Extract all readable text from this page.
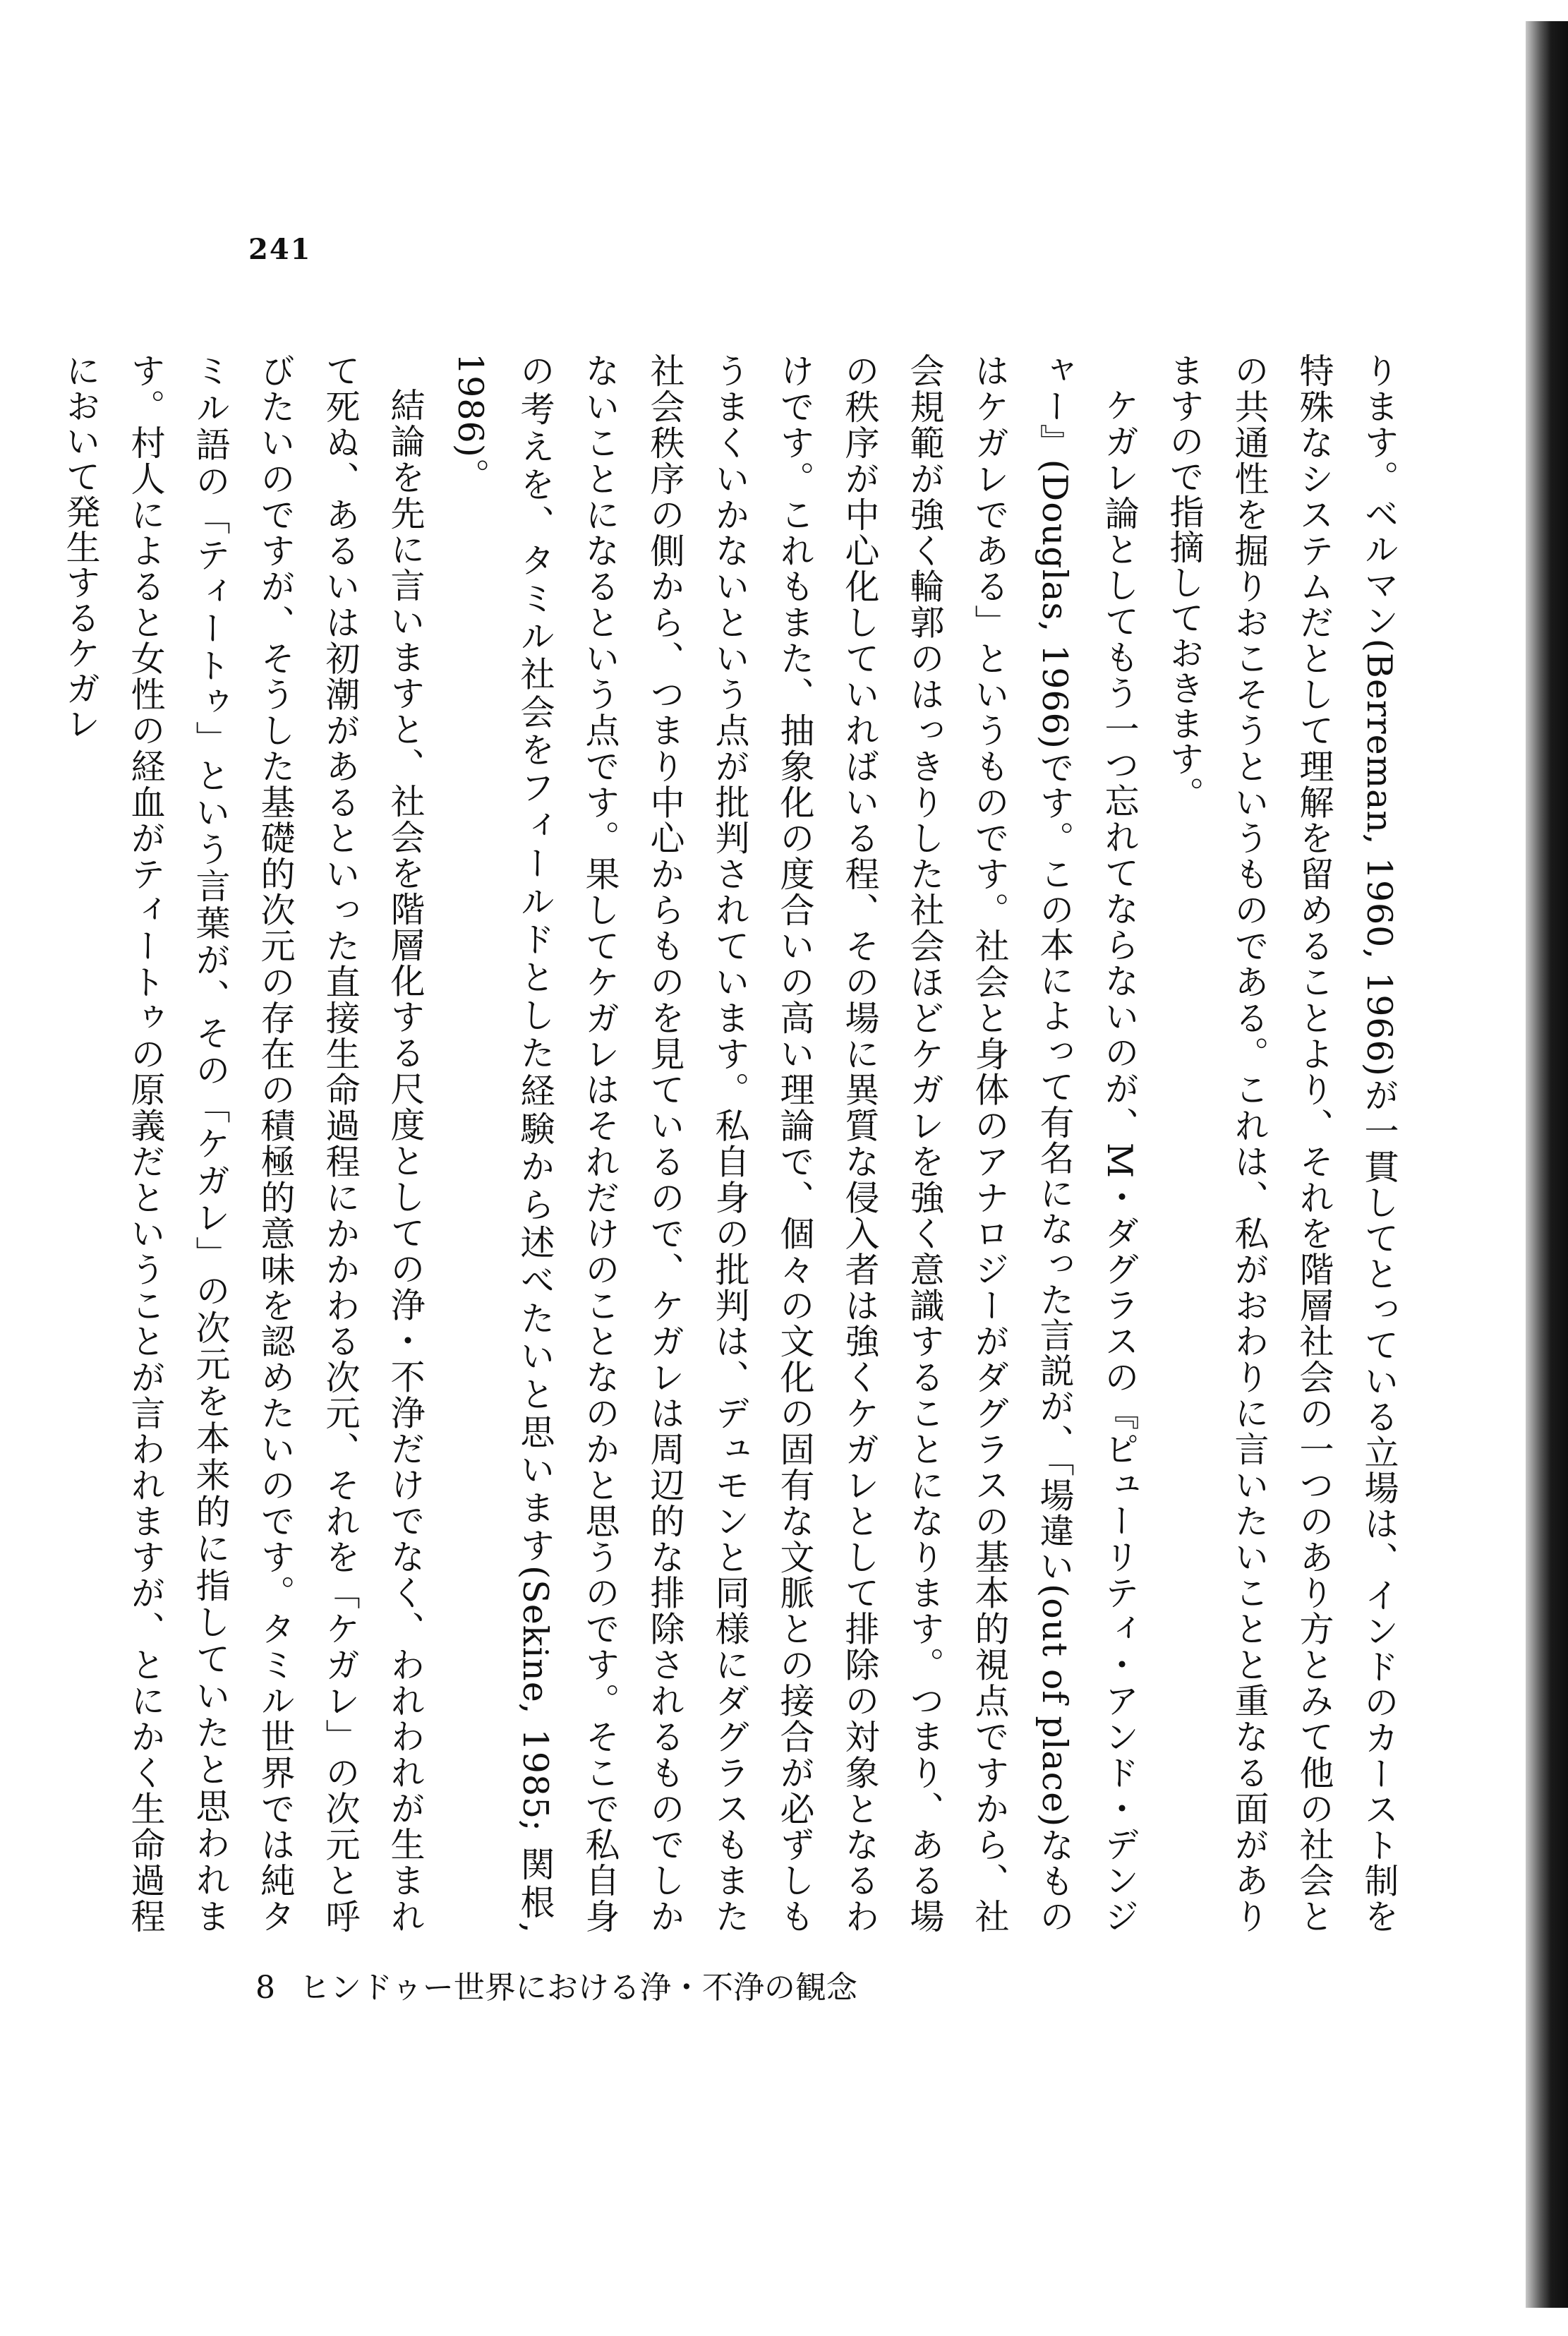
241

ります。ベルマン(Berreman, 1960, 1966)が一貫してとっている立場は、インドのカースト制を特殊なシステムだとして理解を留めることより、それを階層社会の一つのあり方とみて他の社会との共通性を掘りおこそうというものである。これは、私がおわりに言いたいことと重なる面がありますので指摘しておきます。

ケガレ論としてもう一つ忘れてならないのが、M・ダグラスの『ピューリティ・アンド・デンジャー』(Douglas, 1966)です。この本によって有名になった言説が、「場違い(out of place)なものはケガレである」というものです。社会と身体のアナロジーがダグラスの基本的視点ですから、社会規範が強く輪郭のはっきりした社会ほどケガレを強く意識することになります。つまり、ある場の秩序が中心化していればいる程、その場に異質な侵入者は強くケガレとして排除の対象となるわけです。これもまた、抽象化の度合いの高い理論で、個々の文化の固有な文脈との接合が必ずしもうまくいかないという点が批判されています。私自身の批判は、デュモンと同様にダグラスもまた社会秩序の側から、つまり中心からものを見ているので、ケガレは周辺的な排除されるものでしかないことになるという点です。果してケガレはそれだけのことなのかと思うのです。そこで私自身の考えを、タミル社会をフィールドとした経験から述べたいと思います(Sekine, 1985; 関根, 1986)。

結論を先に言いますと、社会を階層化する尺度としての浄・不浄だけでなく、われわれが生まれて死ぬ、あるいは初潮があるといった直接生命過程にかかわる次元、それを「ケガレ」の次元と呼びたいのですが、そうした基礎的次元の存在の積極的意味を認めたいのです。タミル世界では純タミル語の「ティートゥ」という言葉が、その「ケガレ」の次元を本来的に指していたと思われます。村人によると女性の経血がティートゥの原義だということが言われますが、とにかく生命過程において発生するケガレ

8 ヒンドゥー世界における浄・不浄の観念
